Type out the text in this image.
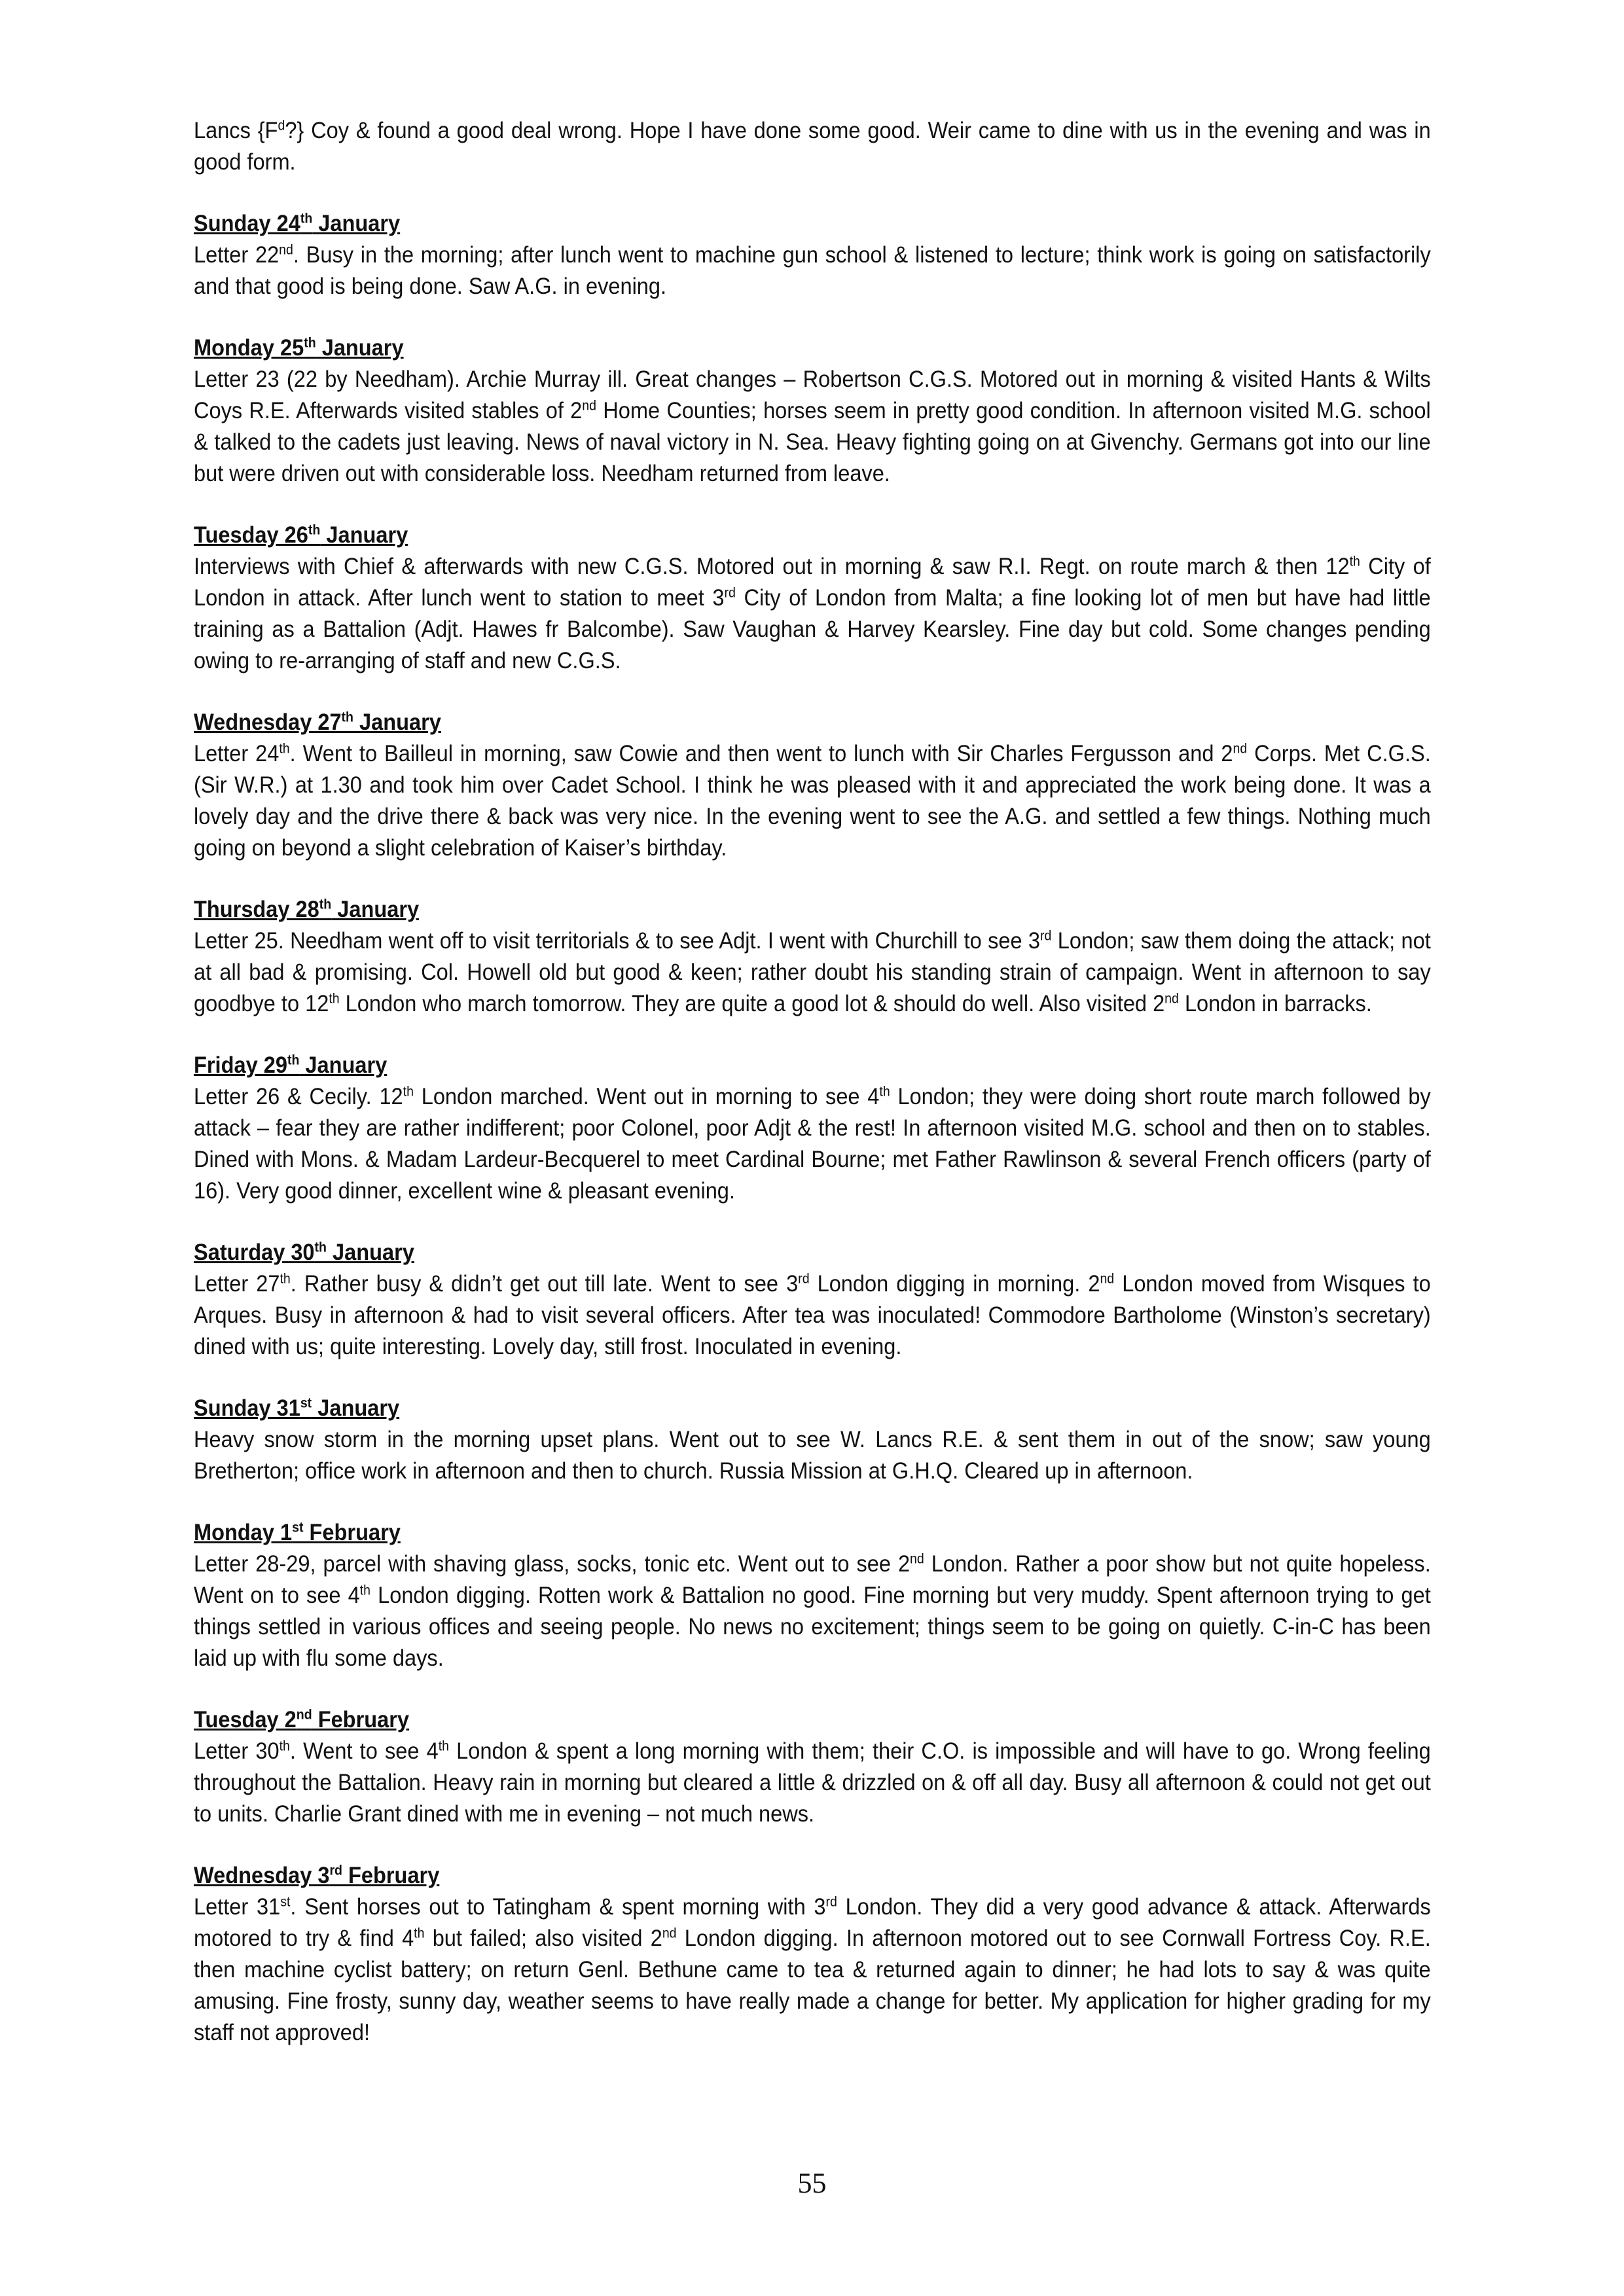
Lancs $\{F^d?\}$ Coy & found a good deal wrong. Hope I have done some good. Weir came to dine with us in the evening and was in good form.

Sunday 24th January

Letter 22nd. Busy in the morning; after lunch went to machine gun school & listened to lecture; think work is going on satisfactorily and that good is being done. Saw A.G. in evening.

Monday 25th January

Letter 23 (22 by Needham). Archie Murray ill. Great changes – Robertson C.G.S. Motored out in morning & visited Hants & Wilts Coys R.E. Afterwards visited stables of 2nd Home Counties; horses seem in pretty good condition. In afternoon visited M.G. school & talked to the cadets just leaving. News of naval victory in N. Sea. Heavy fighting going on at Givenchy. Germans got into our line but were driven out with considerable loss. Needham returned from leave.

Tuesday 26th January

Interviews with Chief & afterwards with new C.G.S. Motored out in morning & saw R.I. Regt. on route march & then 12th City of London in attack. After lunch went to station to meet 3rd City of London from Malta; a fine looking lot of men but have had little training as a Battalion (Adjt. Hawes fr Balcombe). Saw Vaughan & Harvey Kearsley. Fine day but cold. Some changes pending owing to re-arranging of staff and new C.G.S.

Wednesday 27th January

Letter 24th. Went to Bailleul in morning, saw Cowie and then went to lunch with Sir Charles Fergusson and 2nd Corps. Met C.G.S. (Sir W.R.) at 1.30 and took him over Cadet School. I think he was pleased with it and appreciated the work being done. It was a lovely day and the drive there & back was very nice. In the evening went to see the A.G. and settled a few things. Nothing much going on beyond a slight celebration of Kaiser’s birthday.

Thursday 28th January

Letter 25. Needham went off to visit territorials & to see Adjt. I went with Churchill to see 3rd London; saw them doing the attack; not at all bad & promising. Col. Howell old but good & keen; rather doubt his standing strain of campaign. Went in afternoon to say goodbye to 12th London who march tomorrow. They are quite a good lot & should do well. Also visited 2nd London in barracks.

Friday 29th January

Letter 26 & Cecily. 12th London marched. Went out in morning to see 4th London; they were doing short route march followed by attack – fear they are rather indifferent; poor Colonel, poor Adjt & the rest! In afternoon visited M.G. school and then on to stables. Dined with Mons. & Madam Lardeur-Becquerel to meet Cardinal Bourne; met Father Rawlinson & several French officers (party of 16). Very good dinner, excellent wine & pleasant evening.

Saturday 30th January

Letter 27th. Rather busy & didn’t get out till late. Went to see 3rd London digging in morning. 2nd London moved from Wisques to Arques. Busy in afternoon & had to visit several officers. After tea was inoculated! Commodore Bartholome (Winston’s secretary) dined with us; quite interesting. Lovely day, still frost. Inoculated in evening.

Sunday 31st January

Heavy snow storm in the morning upset plans. Went out to see W. Lancs R.E. & sent them in out of the snow; saw young Bretherton; office work in afternoon and then to church. Russia Mission at G.H.Q. Cleared up in afternoon.

Monday 1st February

Letter 28-29, parcel with shaving glass, socks, tonic etc. Went out to see 2nd London. Rather a poor show but not quite hopeless. Went on to see 4th London digging. Rotten work & Battalion no good. Fine morning but very muddy. Spent afternoon trying to get things settled in various offices and seeing people. No news no excitement; things seem to be going on quietly. C-in-C has been laid up with flu some days.

Tuesday 2nd February

Letter 30th. Went to see 4th London & spent a long morning with them; their C.O. is impossible and will have to go. Wrong feeling throughout the Battalion. Heavy rain in morning but cleared a little & drizzled on & off all day. Busy all afternoon & could not get out to units. Charlie Grant dined with me in evening – not much news.

Wednesday 3rd February

Letter 31st. Sent horses out to Tatingham & spent morning with 3rd London. They did a very good advance & attack. Afterwards motored to try & find 4th but failed; also visited 2nd London digging. In afternoon motored out to see Cornwall Fortress Coy. R.E. then machine cyclist battery; on return Genl. Bethune came to tea & returned again to dinner; he had lots to say & was quite amusing. Fine frosty, sunny day, weather seems to have really made a change for better. My application for higher grading for my staff not approved!

55
